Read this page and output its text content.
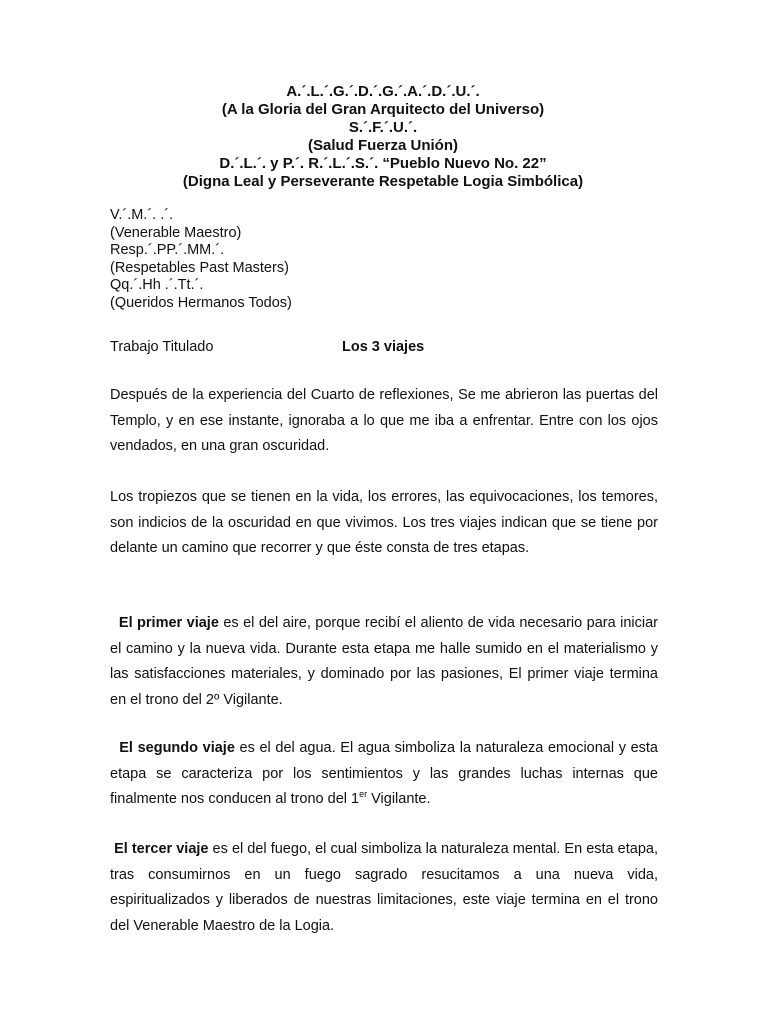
A.´.L.´.G.´.D.´.G.´.A.´.D.´.U.´.
(A la Gloria del Gran Arquitecto del Universo)
S.´.F.´.U.´.
(Salud Fuerza Unión)
D.´.L.´. y P.´. R.´.L.´.S.´. “Pueblo Nuevo No. 22”
(Digna Leal y Perseverante Respetable Logia Simbólica)
V.´.M.´. .´.
(Venerable Maestro)
Resp.´.PP.´.MM.´.
(Respetables Past Masters)
Qq.´.Hh .´.Tt.´.
(Queridos Hermanos Todos)
Trabajo Titulado	Los 3 viajes

Después de la experiencia del Cuarto de reflexiones, Se me abrieron las puertas del Templo, y en ese instante, ignoraba a lo que me iba a enfrentar. Entre con los ojos vendados, en una gran oscuridad.

Los tropiezos que se tienen en la vida, los errores, las equivocaciones, los temores, son indicios de la oscuridad en que vivimos. Los tres viajes indican que se tiene por delante un camino que recorrer y que éste consta de tres etapas.

El primer viaje es el del aire, porque recibí el aliento de vida necesario para iniciar el camino y la nueva vida. Durante esta etapa me halle sumido en el materialismo y las satisfacciones materiales, y dominado por las pasiones, El primer viaje termina en el trono del 2º Vigilante.

El segundo viaje es el del agua. El agua simboliza la naturaleza emocional y esta etapa se caracteriza por los sentimientos y las grandes luchas internas que finalmente nos conducen al trono del 1er Vigilante.

El tercer viaje es el del fuego, el cual simboliza la naturaleza mental. En esta etapa, tras consumirnos en un fuego sagrado resucitamos a una nueva vida, espiritualizados y liberados de nuestras limitaciones, este viaje termina en el trono del Venerable Maestro de la Logia.
